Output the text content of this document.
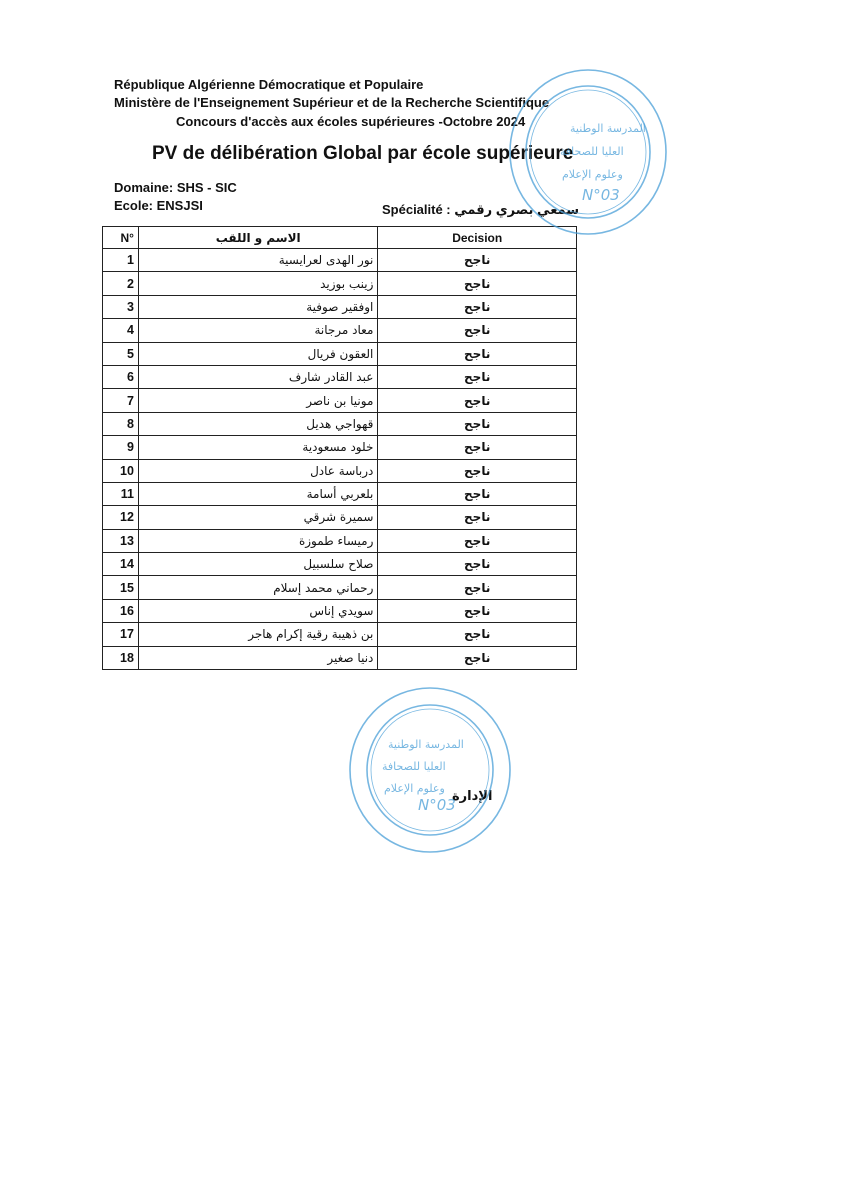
République Algérienne Démocratique et Populaire
Ministère de l'Enseignement Supérieur et de la Recherche Scientifique
Concours d'accès aux écoles supérieures -Octobre 2024
PV de délibération Global par école supérieure
Domaine: SHS - SIC
Ecole: ENSJSI	Spécialité : سمعي بصري رقمي
N°	الاسم و اللقب	Decision
1	نور الهدى لعرايسية	ناجح
2	زينب بوزيد	ناجح
3	اوفقير صوفية	ناجح
4	معاد مرجانة	ناجح
5	العقون فريال	ناجح
6	عبد القادر شارف	ناجح
7	مونيا بن ناصر	ناجح
8	قهواجي هديل	ناجح
9	خلود مسعودية	ناجح
10	درباسة عادل	ناجح
11	بلعربي أسامة	ناجح
12	سميرة شرقي	ناجح
13	رميساء طموزة	ناجح
14	صلاح سلسبيل	ناجح
15	رحماني محمد إسلام	ناجح
16	سويدي إناس	ناجح
17	بن ذهيبة رقية إكرام هاجر	ناجح
18	دنيا صغير	ناجح
الإدارة
المدرسة الوطنية
العليا للصحافة
وعلوم الإعلام
N°03
المدرسة الوطنية
العليا للصحافة
وعلوم الإعلام
N°03
